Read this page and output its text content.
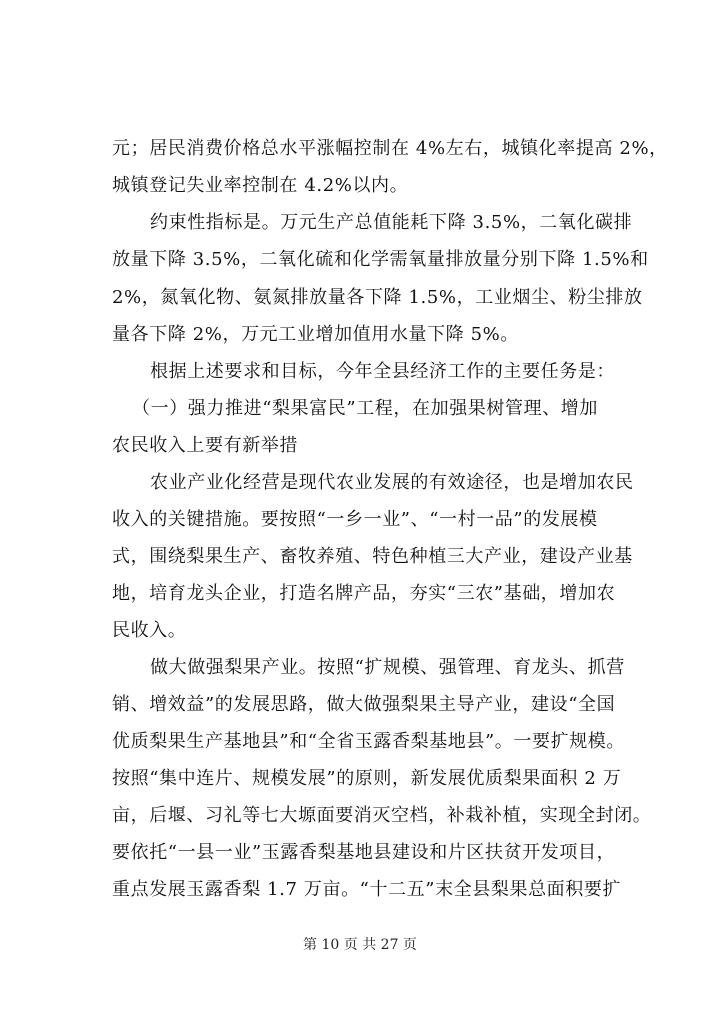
元；居民消费价格总水平涨幅控制在 4%左右，城镇化率提高 2%，
城镇登记失业率控制在 4.2%以内。
约束性指标是。万元生产总值能耗下降 3.5%，二氧化碳排
放量下降 3.5%，二氧化硫和化学需氧量排放量分别下降 1.5%和
2%，氮氧化物、氨氮排放量各下降 1.5%，工业烟尘、粉尘排放
量各下降 2%，万元工业增加值用水量下降 5%。
根据上述要求和目标，今年全县经济工作的主要任务是：
（一）强力推进“梨果富民”工程，在加强果树管理、增加
农民收入上要有新举措
农业产业化经营是现代农业发展的有效途径，也是增加农民
收入的关键措施。要按照“一乡一业”、“一村一品”的发展模
式，围绕梨果生产、畜牧养殖、特色种植三大产业，建设产业基
地，培育龙头企业，打造名牌产品，夯实“三农”基础，增加农
民收入。
做大做强梨果产业。按照“扩规模、强管理、育龙头、抓营
销、增效益”的发展思路，做大做强梨果主导产业，建设“全国
优质梨果生产基地县”和“全省玉露香梨基地县”。一要扩规模。
按照“集中连片、规模发展”的原则，新发展优质梨果面积 2 万
亩，后堰、习礼等七大塬面要消灭空档，补栽补植，实现全封闭。
要依托“一县一业”玉露香梨基地县建设和片区扶贫开发项目，
重点发展玉露香梨 1.7 万亩。“十二五”末全县梨果总面积要扩
第 10 页 共 27 页
